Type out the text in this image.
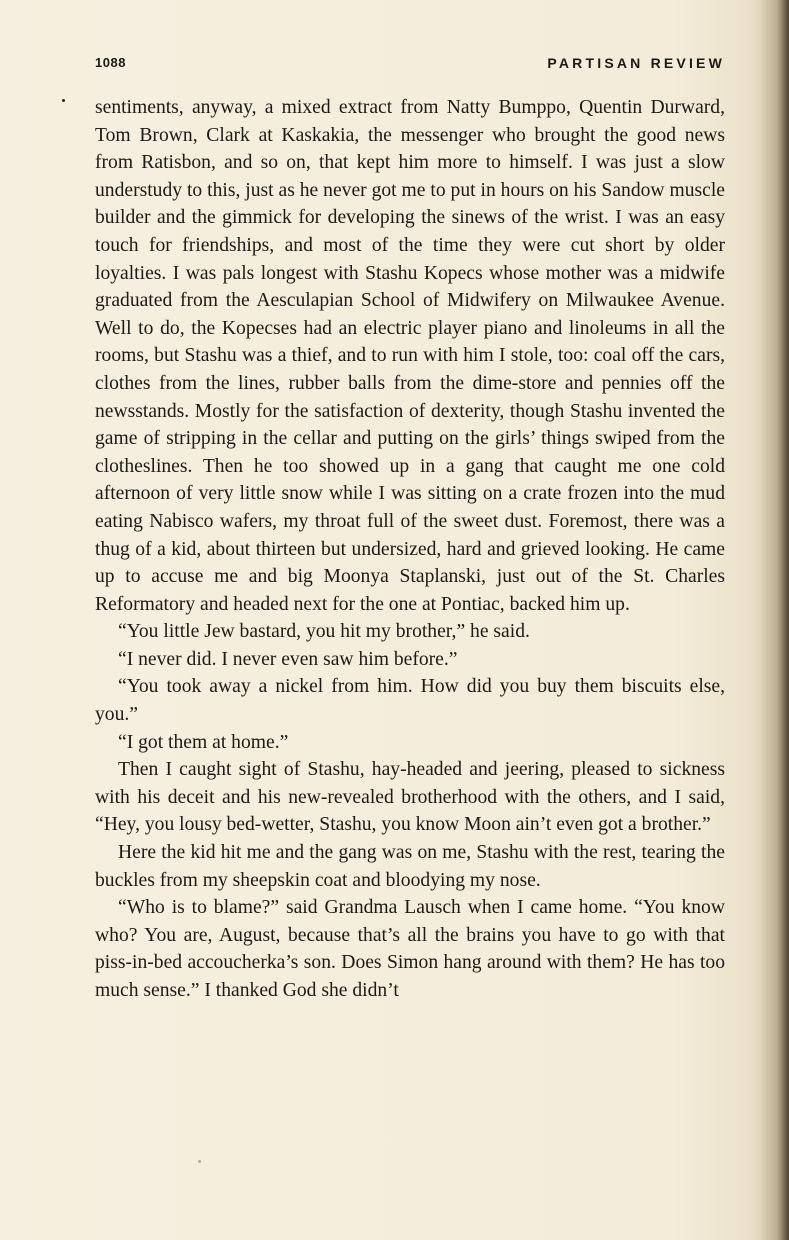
1088	PARTISAN REVIEW

sentiments, anyway, a mixed extract from Natty Bumppo, Quentin Durward, Tom Brown, Clark at Kaskakia, the messenger who brought the good news from Ratisbon, and so on, that kept him more to himself. I was just a slow understudy to this, just as he never got me to put in hours on his Sandow muscle builder and the gimmick for developing the sinews of the wrist. I was an easy touch for friendships, and most of the time they were cut short by older loyalties. I was pals longest with Stashu Kopecs whose mother was a midwife graduated from the Aesculapian School of Midwifery on Milwaukee Avenue. Well to do, the Kopecses had an electric player piano and linoleums in all the rooms, but Stashu was a thief, and to run with him I stole, too: coal off the cars, clothes from the lines, rubber balls from the dime-store and pennies off the newsstands. Mostly for the satisfaction of dexterity, though Stashu invented the game of stripping in the cellar and putting on the girls’ things swiped from the clotheslines. Then he too showed up in a gang that caught me one cold afternoon of very little snow while I was sitting on a crate frozen into the mud eating Nabisco wafers, my throat full of the sweet dust. Foremost, there was a thug of a kid, about thirteen but undersized, hard and grieved looking. He came up to accuse me and big Moonya Staplanski, just out of the St. Charles Reformatory and headed next for the one at Pontiac, backed him up.

“You little Jew bastard, you hit my brother,” he said.

“I never did. I never even saw him before.”

“You took away a nickel from him. How did you buy them biscuits else, you.”

“I got them at home.”

Then I caught sight of Stashu, hay-headed and jeering, pleased to sickness with his deceit and his new-revealed brotherhood with the others, and I said, “Hey, you lousy bed-wetter, Stashu, you know Moon ain’t even got a brother.”

Here the kid hit me and the gang was on me, Stashu with the rest, tearing the buckles from my sheepskin coat and bloodying my nose.

“Who is to blame?” said Grandma Lausch when I came home. “You know who? You are, August, because that’s all the brains you have to go with that piss-in-bed accoucherka’s son. Does Simon hang around with them? He has too much sense.” I thanked God she didn’t
